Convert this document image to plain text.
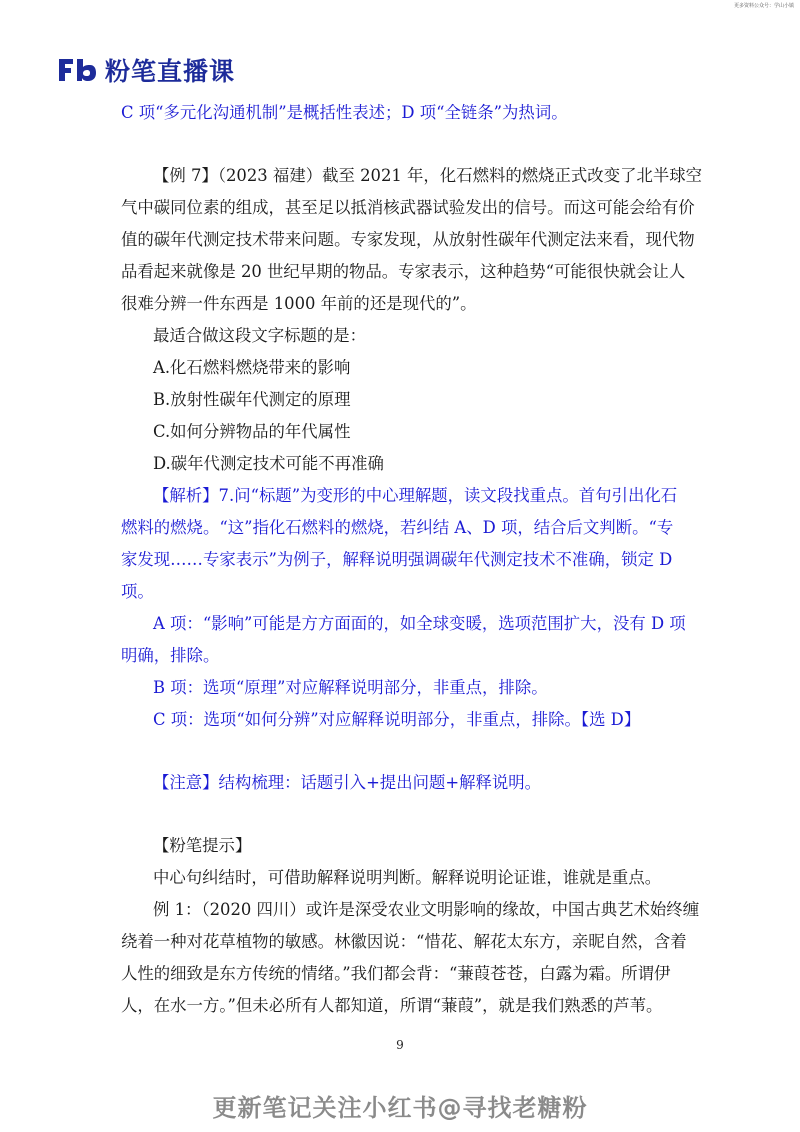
更多资料公众号：学山小镇
粉笔直播课
C 项“多元化沟通机制”是概括性表述；D 项“全链条”为热词。
【例 7】（2023 福建）截至 2021 年，化石燃料的燃烧正式改变了北半球空
气中碳同位素的组成，甚至足以抵消核武器试验发出的信号。而这可能会给有价
值的碳年代测定技术带来问题。专家发现，从放射性碳年代测定法来看，现代物
品看起来就像是 20 世纪早期的物品。专家表示，这种趋势“可能很快就会让人
很难分辨一件东西是 1000 年前的还是现代的”。
最适合做这段文字标题的是：
A.化石燃料燃烧带来的影响
B.放射性碳年代测定的原理
C.如何分辨物品的年代属性
D.碳年代测定技术可能不再准确
【解析】7.问“标题”为变形的中心理解题，读文段找重点。首句引出化石
燃料的燃烧。“这”指化石燃料的燃烧，若纠结 A、D 项，结合后文判断。“专
家发现……专家表示”为例子，解释说明强调碳年代测定技术不准确，锁定 D
项。
A 项：“影响”可能是方方面面的，如全球变暖，选项范围扩大，没有 D 项
明确，排除。
B 项：选项“原理”对应解释说明部分，非重点，排除。
C 项：选项“如何分辨”对应解释说明部分，非重点，排除。【选 D】
【注意】结构梳理：话题引入+提出问题+解释说明。
【粉笔提示】
中心句纠结时，可借助解释说明判断。解释说明论证谁，谁就是重点。
例 1：（2020 四川）或许是深受农业文明影响的缘故，中国古典艺术始终缠
绕着一种对花草植物的敏感。林徽因说：“惜花、解花太东方，亲昵自然，含着
人性的细致是东方传统的情绪。”我们都会背：“蒹葭苍苍，白露为霜。所谓伊
人，在水一方。”但未必所有人都知道，所谓“蒹葭”，就是我们熟悉的芦苇。
9
更新笔记关注小红书@寻找老糖粉
